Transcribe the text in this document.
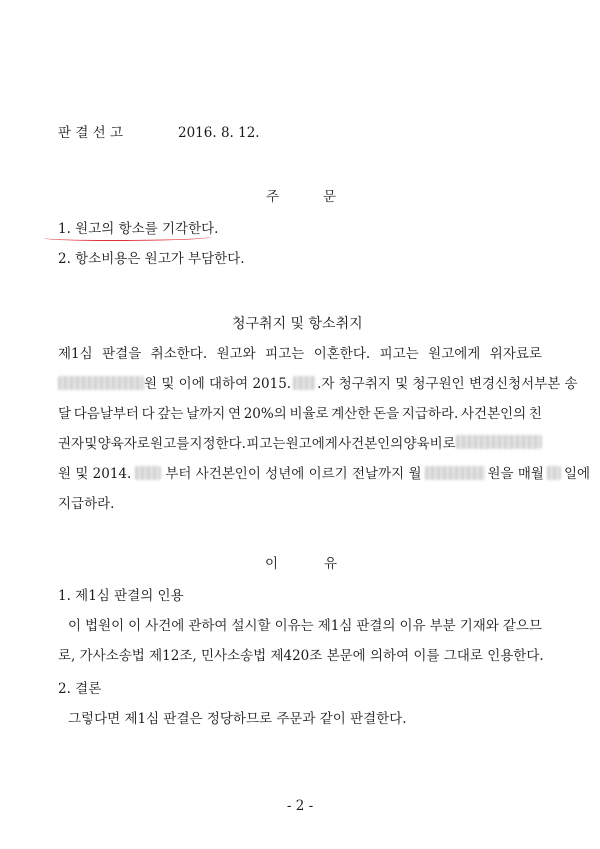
판 결 선 고	2016. 8. 12.
주	문
1. 원고의 항소를 기각한다.
2. 항소비용은 원고가 부담한다.
청구취지 및 항소취지
제1심 판결을 취소한다. 원고와 피고는 이혼한다. 피고는 원고에게 위자료로
원 및 이에 대하여 2015. .자 청구취지 및 청구원인 변경신청서부본 송
달 다음날부터 다 갚는 날까지 연 20%의 비율로 계산한 돈을 지급하라. 사건본인의 친
권자 및 양육자로 원고를 지정한다. 피고는 원고에게 사건본인의 양육비로
원 및 2014.	부터 사건본인이 성년에 이르기 전날까지 월	원을 매월 일에
지급하라.
이	유
1. 제1심 판결의 인용
이 법원이 이 사건에 관하여 설시할 이유는 제1심 판결의 이유 부분 기재와 같으므
로, 가사소송법 제12조, 민사소송법 제420조 본문에 의하여 이를 그대로 인용한다.
2. 결론
그렇다면 제1심 판결은 정당하므로 주문과 같이 판결한다.
- 2 -
